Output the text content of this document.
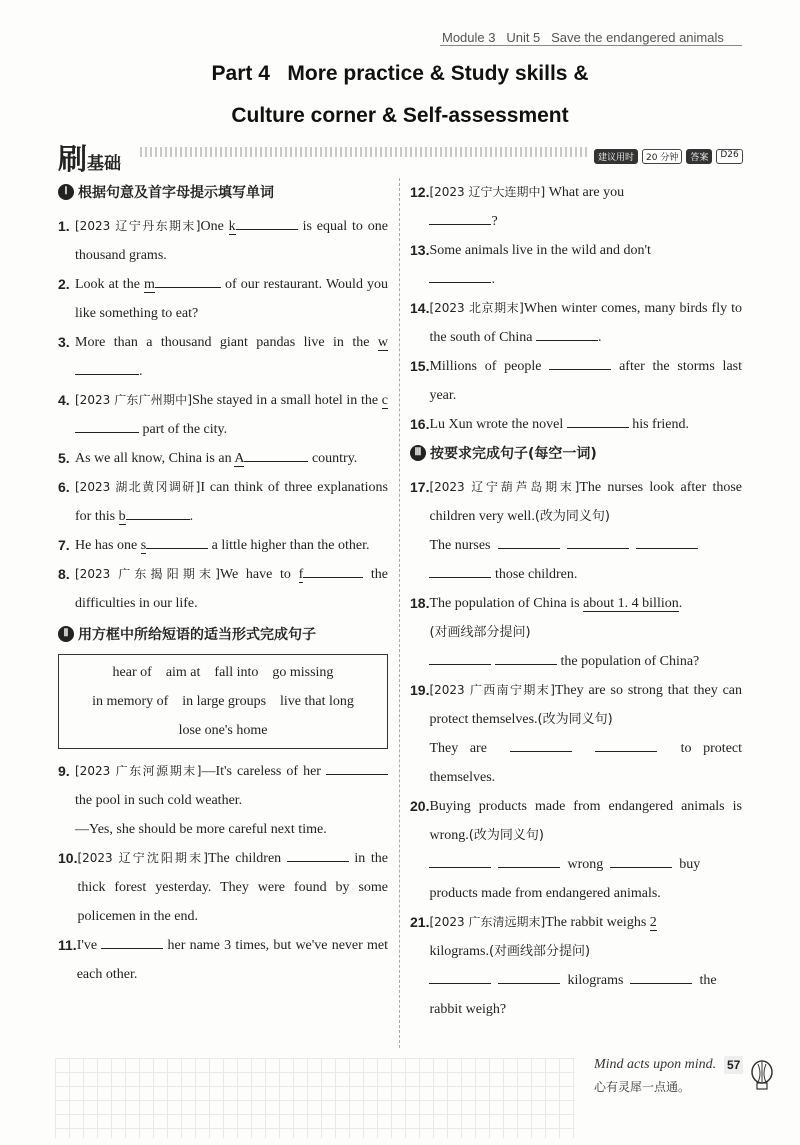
Module 3 Unit 5 Save the endangered animals
Part 4   More practice & Study skills &
Culture corner & Self-assessment
刷基础	建议用时	20 分钟	答案	D26
Ⅰ 根据句意及首字母提示填写单词
1. [2023 辽宁丹东期末]One k	is equal to one thousand grams.
2. Look at the m	of our restaurant. Would you like something to eat?
3. More than a thousand giant pandas live in the w.
4. [2023 广东广州期中]She stayed in a small hotel in the c part of the city.
5. As we all know, China is an A	country.
6. [2023 湖北黄冈调研]I can think of three explanations for this b	.
7. He has one s	a little higher than the other.
8. [2023 广东揭阳期末]We have to f	the difficulties in our life.
Ⅱ 用方框中所给短语的适当形式完成句子
hear of aim at fall into go missing
in memory of in large groups live that long
lose one's home
9. [2023 广东河源期末]—It's careless of her  the pool in such cold weather.
—Yes, she should be more careful next time.
10. [2023 辽宁沈阳期末]The children	in the thick forest yesterday. They were found by some policemen in the end.
11. I've	her name 3 times, but we've never met each other.
12. [2023 辽宁大连期中] What are you
?
13. Some animals live in the wild and don't
.
14. [2023 北京期末]When winter comes, many birds fly to the south of China	.
15. Millions of people	after the storms last year.
16. Lu Xun wrote the novel	his friend.
Ⅲ 按要求完成句子(每空一词)
17. [2023 辽宁葫芦岛期末]The nurses look after those children very well.(改为同义句)
The nurses
those children.
18. The population of China is about 1. 4 billion.
(对画线部分提问)
the population of China?
19. [2023 广西南宁期末]They are so strong that they can protect themselves.(改为同义句)
They are	to protect themselves.
20. Buying products made from endangered animals is wrong.(改为同义句)
wrong	buy
products made from endangered animals.
21. [2023 广东清远期末]The rabbit weighs 2
kilograms.(对画线部分提问)
kilograms	the
rabbit weigh?
Mind acts upon mind.
心有灵犀一点通。
57
